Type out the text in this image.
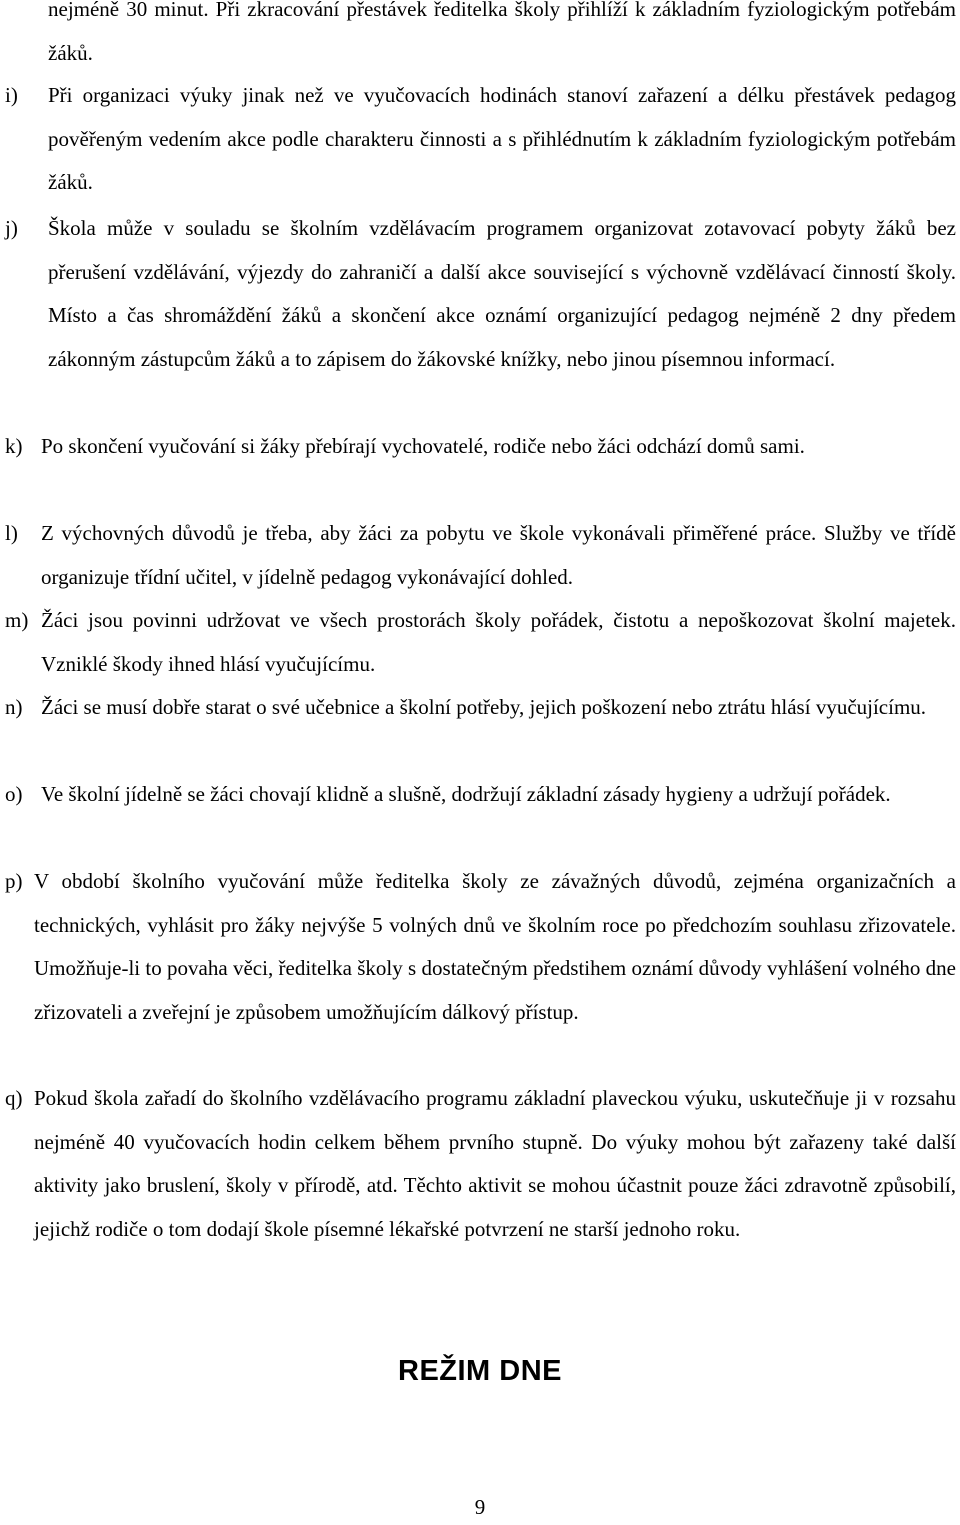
nejméně 30 minut. Při zkracování přestávek ředitelka školy přihlíží k základním fyziologickým potřebám žáků.
i) Při organizaci výuky jinak než ve vyučovacích hodinách stanoví zařazení a délku přestávek pedagog pověřeným vedením akce podle charakteru činnosti a s přihlédnutím k základním fyziologickým potřebám žáků.
j) Škola může v souladu se školním vzdělávacím programem organizovat zotavovací pobyty žáků bez přerušení vzdělávání, výjezdy do zahraničí a další akce související s výchovně vzdělávací činností školy. Místo a čas shromáždění žáků a skončení akce oznámí organizující pedagog nejméně 2 dny předem zákonným zástupcům žáků a to zápisem do žákovské knížky, nebo jinou písemnou informací.
k) Po skončení vyučování si žáky přebírají vychovatelé, rodiče nebo žáci odchází domů sami.
l) Z výchovných důvodů je třeba, aby žáci za pobytu ve škole vykonávali přiměřené práce. Služby ve třídě organizuje třídní učitel, v jídelně pedagog vykonávající dohled.
m) Žáci jsou povinni udržovat ve všech prostorách školy pořádek, čistotu a nepoškozovat školní majetek. Vzniklé škody ihned hlásí vyučujícímu.
n) Žáci se musí dobře starat o své učebnice a školní potřeby, jejich poškození nebo ztrátu hlásí vyučujícímu.
o) Ve školní jídelně se žáci chovají klidně a slušně, dodržují základní zásady hygieny a udržují pořádek.
p) V období školního vyučování může ředitelka školy ze závažných důvodů, zejména organizačních a technických, vyhlásit pro žáky nejvýše 5 volných dnů ve školním roce po předchozím souhlasu zřizovatele. Umožňuje-li to povaha věci, ředitelka školy s dostatečným předstihem oznámí důvody vyhlášení volného dne zřizovateli a zveřejní je způsobem umožňujícím dálkový přístup.
q) Pokud škola zařadí do školního vzdělávacího programu základní plaveckou výuku, uskutečňuje ji v rozsahu nejméně 40 vyučovacích hodin celkem během prvního stupně. Do výuky mohou být zařazeny také další aktivity jako bruslení, školy v přírodě, atd. Těchto aktivit se mohou účastnit pouze žáci zdravotně způsobilí, jejichž rodiče o tom dodají škole písemné lékařské potvrzení ne starší jednoho roku.
REŽIM DNE
9
